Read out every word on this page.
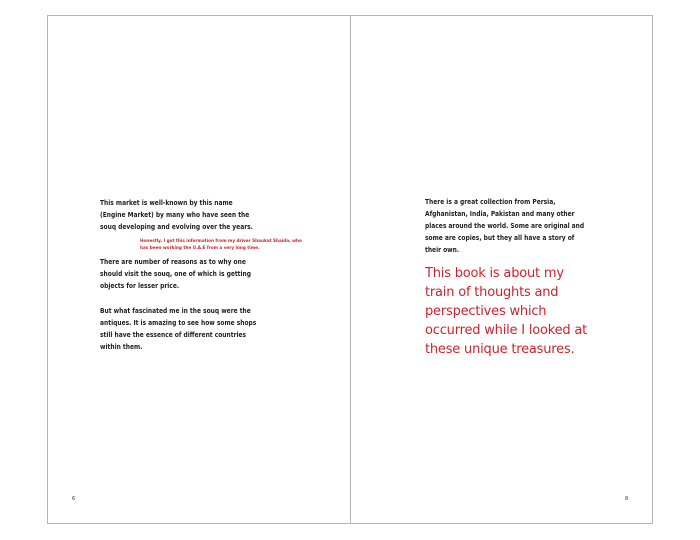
This market is well-known by this name
(Engine Market) by many who have seen the
souq developing and evolving over the years.

Honestly, I got this information from my driver Shaukat Shaida, who
has been working the U.A.E from a very long time.

There are number of reasons as to why one
should visit the souq, one of which is getting
objects for lesser price.

But what fascinated me in the souq were the
antiques. It is amazing to see how some shops
still have the essence of different countries
within them.

6

There is a great collection from Persia,
Afghanistan, India, Pakistan and many other
places around the world. Some are original and
some are copies, but they all have a story of
their own.

This book is about my
train of thoughts and
perspectives which
occurred while I looked at
these unique treasures.

8
